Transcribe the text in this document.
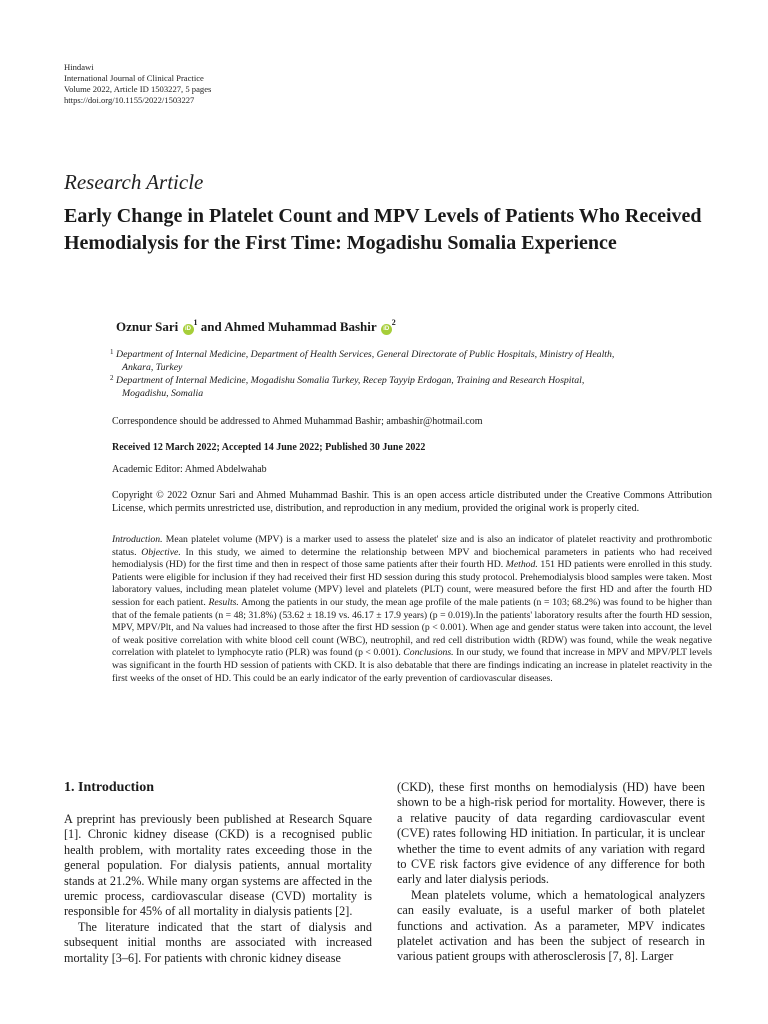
Hindawi
International Journal of Clinical Practice
Volume 2022, Article ID 1503227, 5 pages
https://doi.org/10.1155/2022/1503227
Research Article
Early Change in Platelet Count and MPV Levels of Patients Who Received Hemodialysis for the First Time: Mogadishu Somalia Experience
Oznur Sari $iD^1$ and Ahmed Muhammad Bashir $iD^2$
1 Department of Internal Medicine, Department of Health Services, General Directorate of Public Hospitals, Ministry of Health,
Ankara, Turkey
2 Department of Internal Medicine, Mogadishu Somalia Turkey, Recep Tayyip Erdogan, Training and Research Hospital,
Mogadishu, Somalia
Correspondence should be addressed to Ahmed Muhammad Bashir; ambashir@hotmail.com
Received 12 March 2022; Accepted 14 June 2022; Published 30 June 2022
Academic Editor: Ahmed Abdelwahab
Copyright © 2022 Oznur Sari and Ahmed Muhammad Bashir. This is an open access article distributed under the Creative Commons Attribution License, which permits unrestricted use, distribution, and reproduction in any medium, provided the original work is properly cited.
Introduction. Mean platelet volume (MPV) is a marker used to assess the platelet' size and is also an indicator of platelet reactivity and prothrombotic status. Objective. In this study, we aimed to determine the relationship between MPV and biochemical parameters in patients who had received hemodialysis (HD) for the first time and then in respect of those same patients after their fourth HD. Method. 151 HD patients were enrolled in this study. Patients were eligible for inclusion if they had received their first HD session during this study protocol. Prehemodialysis blood samples were taken. Most laboratory values, including mean platelet volume (MPV) level and platelets (PLT) count, were measured before the first HD and after the fourth HD session for each patient. Results. Among the patients in our study, the mean age profile of the male patients (n = 103; 68.2%) was found to be higher than that of the female patients (n = 48; 31.8%) (53.62 ± 18.19 vs. 46.17 ± 17.9 years) (p = 0.019).In the patients' laboratory results after the fourth HD session, MPV, MPV/Plt, and Na values had increased to those after the first HD session (p < 0.001). When age and gender status were taken into account, the level of weak positive correlation with white blood cell count (WBC), neutrophil, and red cell distribution width (RDW) was found, while the weak negative correlation with platelet to lymphocyte ratio (PLR) was found (p < 0.001). Conclusions. In our study, we found that increase in MPV and MPV/PLT levels was significant in the fourth HD session of patients with CKD. It is also debatable that there are findings indicating an increase in platelet reactivity in the first weeks of the onset of HD. This could be an early indicator of the early prevention of cardiovascular diseases.
1. Introduction

A preprint has previously been published at Research Square [1]. Chronic kidney disease (CKD) is a recognised public health problem, with mortality rates exceeding those in the general population. For dialysis patients, annual mortality stands at 21.2%. While many organ systems are affected in the uremic process, cardiovascular disease (CVD) mortality is responsible for 45% of all mortality in dialysis patients [2].

The literature indicated that the start of dialysis and subsequent initial months are associated with increased mortality [3–6]. For patients with chronic kidney disease

(CKD), these first months on hemodialysis (HD) have been shown to be a high-risk period for mortality. However, there is a relative paucity of data regarding cardiovascular event (CVE) rates following HD initiation. In particular, it is unclear whether the time to event admits of any variation with regard to CVE risk factors give evidence of any difference for both early and later dialysis periods.

Mean platelets volume, which a hematological analyzers can easily evaluate, is a useful marker of both platelet functions and activation. As a parameter, MPV indicates platelet activation and has been the subject of research in various patient groups with atherosclerosis [7, 8]. Larger
